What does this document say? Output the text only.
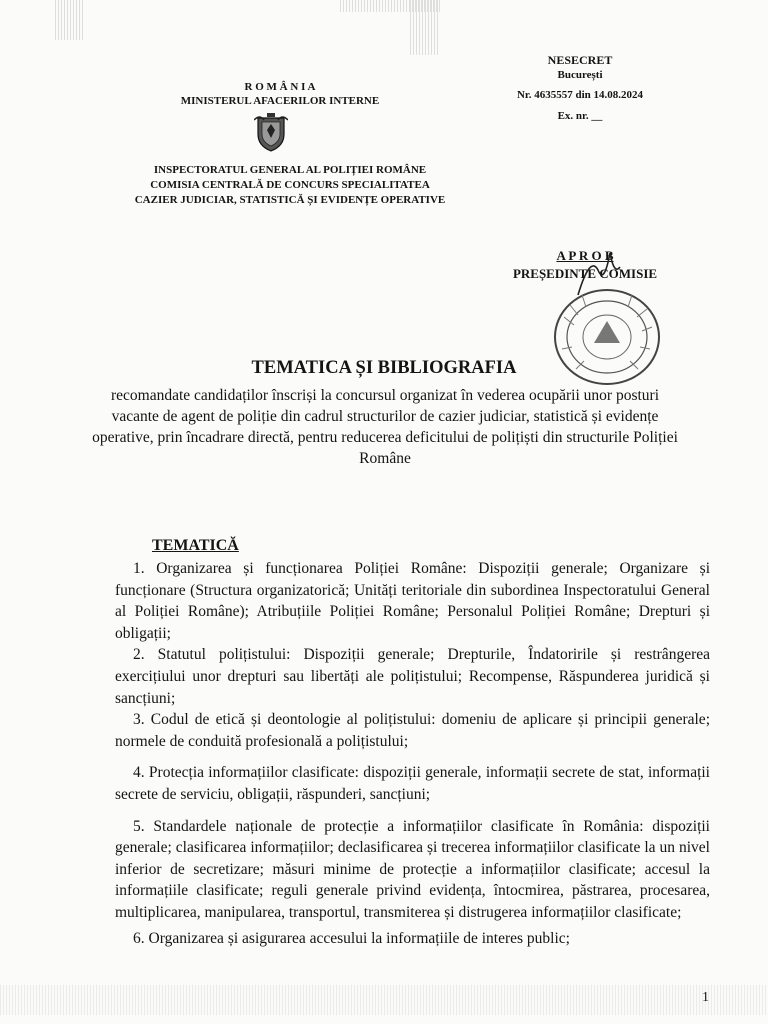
R O M Â N I A
MINISTERUL AFACERILOR INTERNE
NESECRET
București
Nr. 4635557 din 14.08.2024
Ex. nr. __
INSPECTORATUL GENERAL AL POLIȚIEI ROMÂNE
COMISIA CENTRALĂ DE CONCURS SPECIALITATEA
CAZIER JUDICIAR, STATISTICĂ ȘI EVIDENȚE OPERATIVE
A P R O B
PREȘEDINTE COMISIE
TEMATICA ȘI BIBLIOGRAFIA
recomandate candidaților înscriși la concursul organizat în vederea ocupării unor posturi vacante de agent de poliție din cadrul structurilor de cazier judiciar, statistică și evidențe operative, prin încadrare directă, pentru reducerea deficitului de polițiști din structurile Poliției Române
TEMATICĂ

1. Organizarea și funcționarea Poliției Române: Dispoziții generale; Organizare și funcționare (Structura organizatorică; Unități teritoriale din subordinea Inspectoratului General al Poliției Române); Atribuțiile Poliției Române; Personalul Poliției Române; Drepturi și obligații;

2. Statutul polițistului: Dispoziții generale; Drepturile, Îndatoririle și restrângerea exercițiului unor drepturi sau libertăți ale polițistului; Recompense, Răspunderea juridică și sancțiuni;

3. Codul de etică și deontologie al polițistului: domeniu de aplicare și principii generale; normele de conduită profesională a polițistului;

4. Protecția informațiilor clasificate: dispoziții generale, informații secrete de stat, informații secrete de serviciu, obligații, răspunderi, sancțiuni;

5. Standardele naționale de protecție a informațiilor clasificate în România: dispoziții generale; clasificarea informațiilor; declasificarea și trecerea informațiilor clasificate la un nivel inferior de secretizare; măsuri minime de protecție a informațiilor clasificate; accesul la informațiile clasificate; reguli generale privind evidența, întocmirea, păstrarea, procesarea, multiplicarea, manipularea, transportul, transmiterea și distrugerea informațiilor clasificate;

6. Organizarea și asigurarea accesului la informațiile de interes public;

1
